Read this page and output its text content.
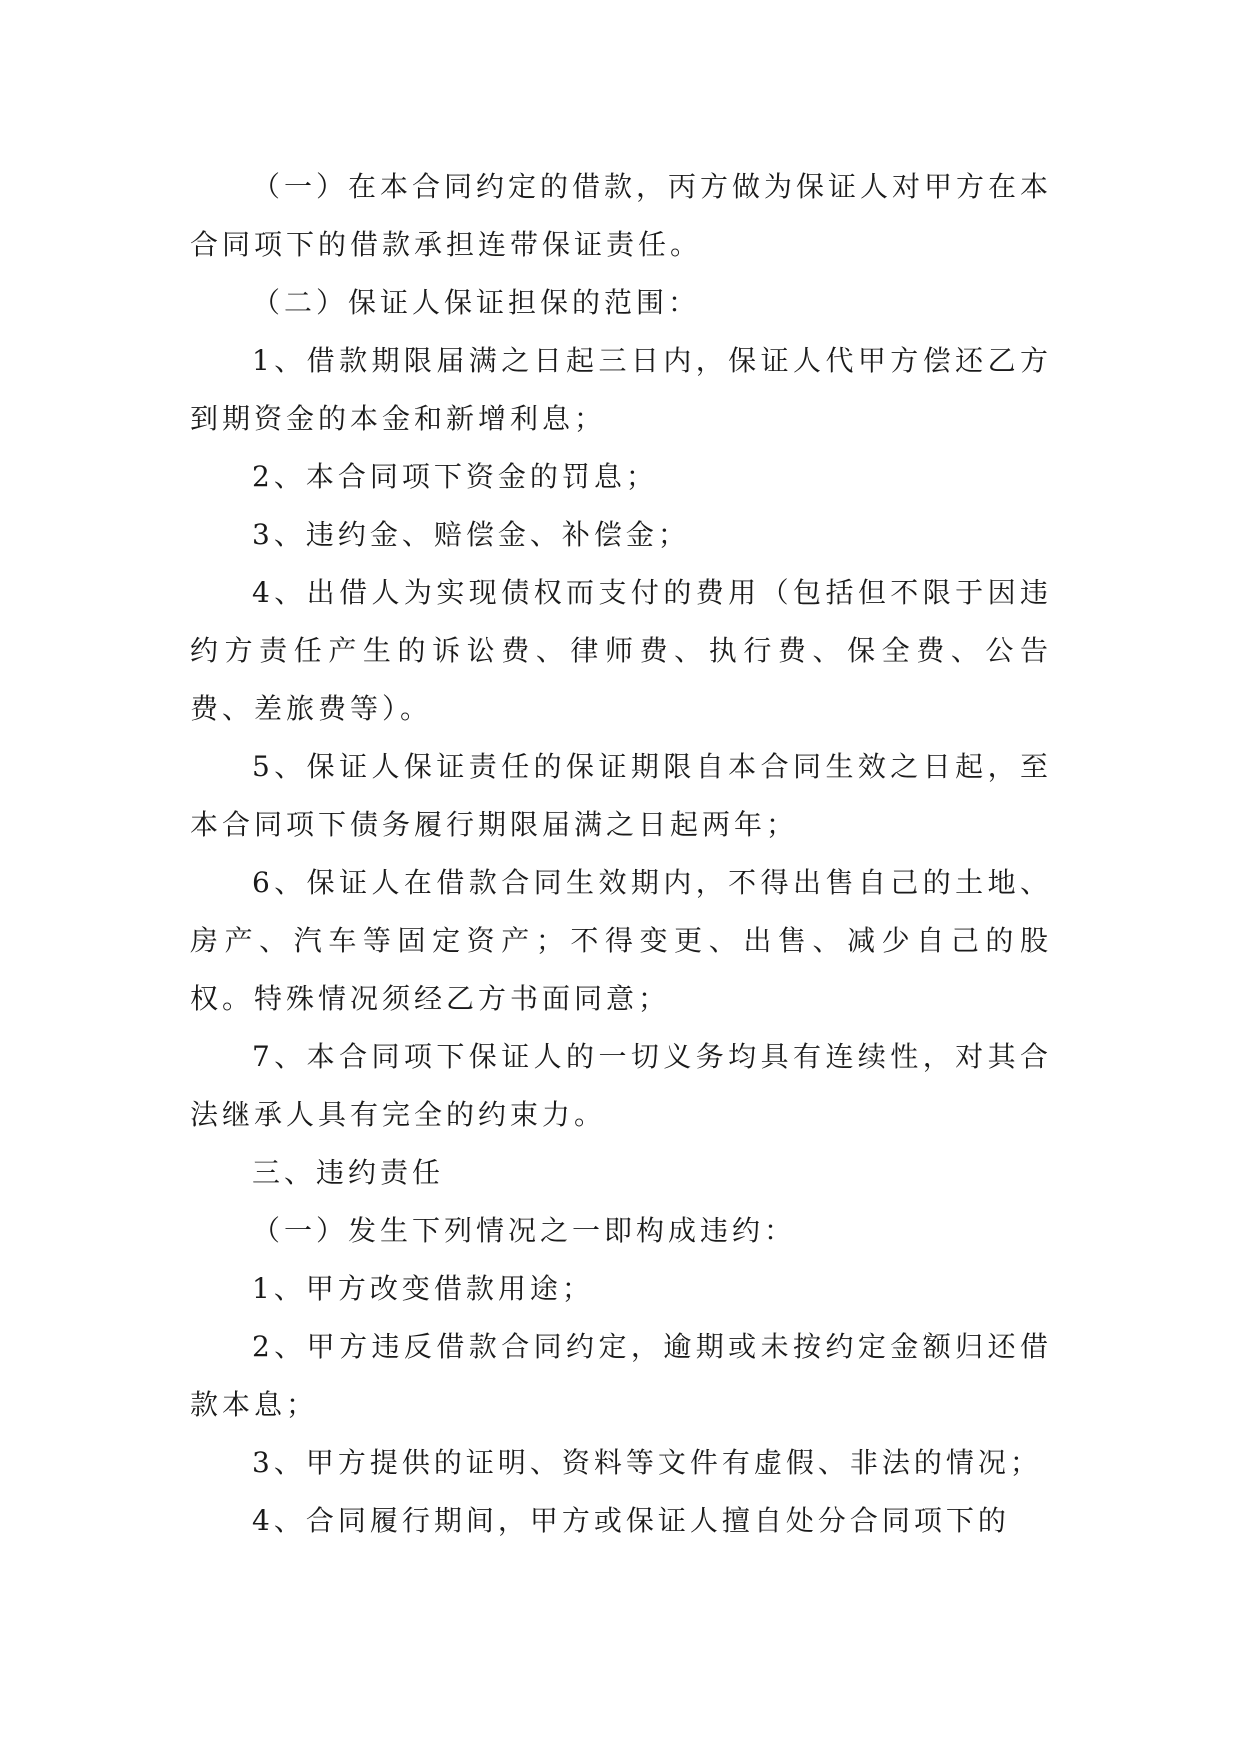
（一）在本合同约定的借款，丙方做为保证人对甲方在本合同项下的借款承担连带保证责任。

（二）保证人保证担保的范围：

1、借款期限届满之日起三日内，保证人代甲方偿还乙方到期资金的本金和新增利息；

2、本合同项下资金的罚息；

3、违约金、赔偿金、补偿金；

4、出借人为实现债权而支付的费用（包括但不限于因违约方责任产生的诉讼费、律师费、执行费、保全费、公告费、差旅费等）。

5、保证人保证责任的保证期限自本合同生效之日起，至本合同项下债务履行期限届满之日起两年；

6、保证人在借款合同生效期内，不得出售自己的土地、房产、汽车等固定资产；不得变更、出售、减少自己的股权。特殊情况须经乙方书面同意；

7、本合同项下保证人的一切义务均具有连续性，对其合法继承人具有完全的约束力。

三、违约责任

（一）发生下列情况之一即构成违约：

1、甲方改变借款用途；

2、甲方违反借款合同约定，逾期或未按约定金额归还借款本息；

3、甲方提供的证明、资料等文件有虚假、非法的情况；

4、合同履行期间，甲方或保证人擅自处分合同项下的
